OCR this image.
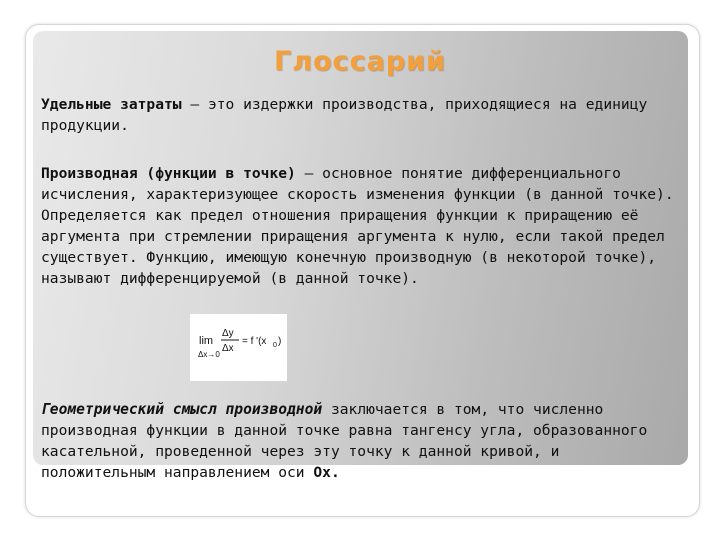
Глоссарий

Удельные затраты – это издержки производства, приходящиеся на единицу продукции.

Производная (функции в точке) — основное понятие дифференциального исчисления, характеризующее скорость изменения функции (в данной точке). Определяется как предел отношения приращения функции к приращению её аргумента при стремлении приращения аргумента к нулю, если такой предел существует. Функцию, имеющую конечную производную (в некоторой точке), называют дифференцируемой (в данной точке).

lim
Δx→0
Δy
Δx
= f '(x 0 )

Геометрический смысл производной заключается в том, что численно производная функции в данной точке равна тангенсу угла, образованного касательной, проведенной через эту точку к данной кривой, и положительным направлением оси Ox.
